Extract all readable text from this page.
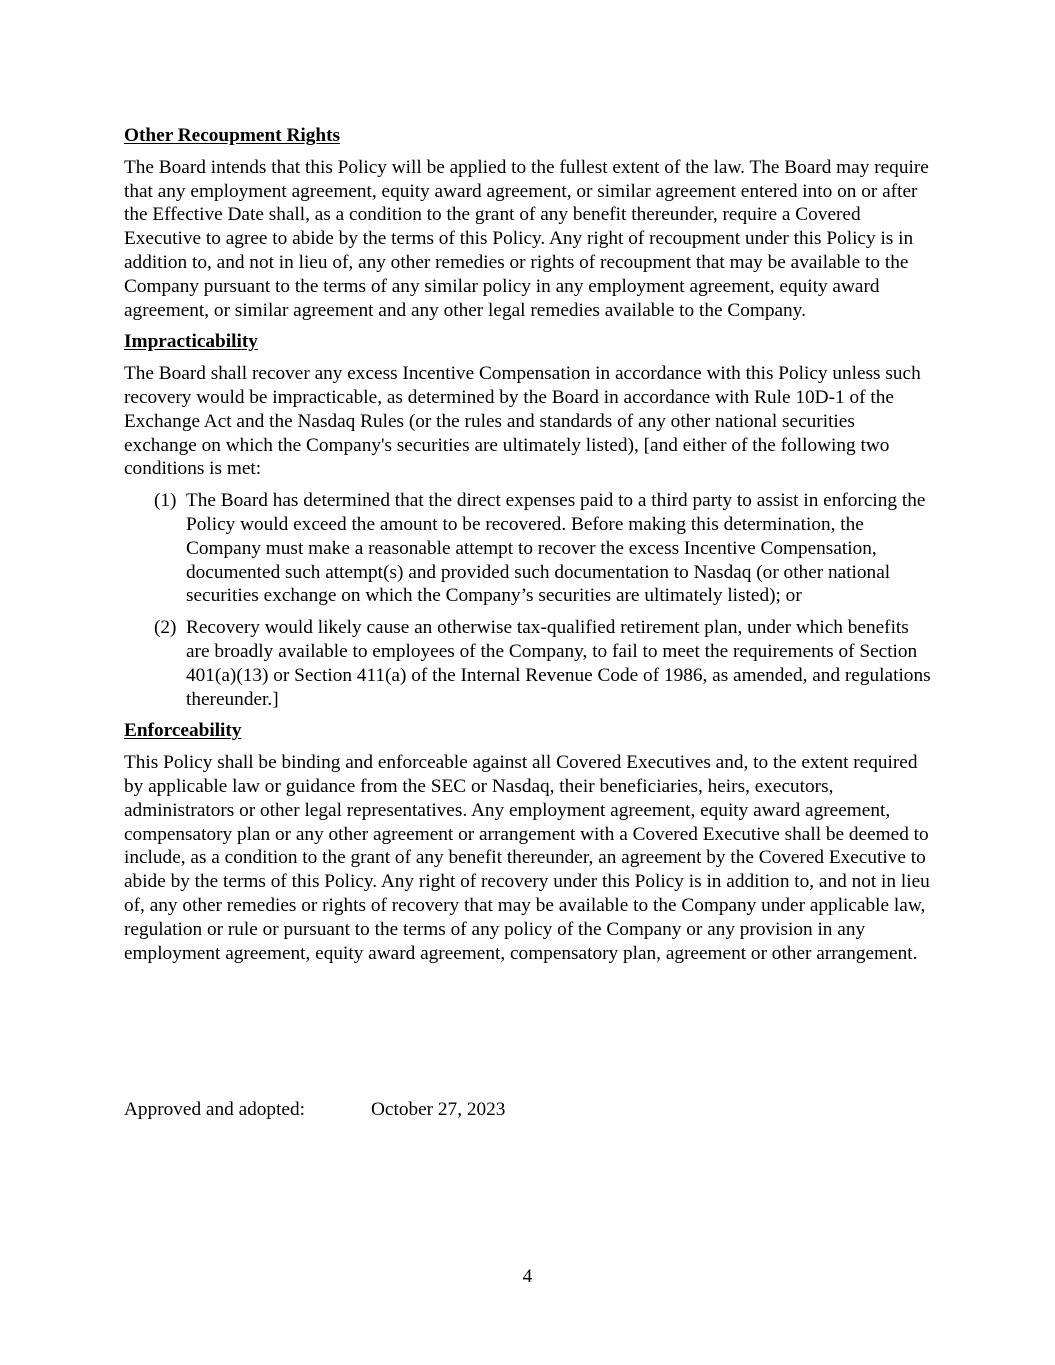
Other Recoupment Rights
The Board intends that this Policy will be applied to the fullest extent of the law. The Board may require that any employment agreement, equity award agreement, or similar agreement entered into on or after the Effective Date shall, as a condition to the grant of any benefit thereunder, require a Covered Executive to agree to abide by the terms of this Policy. Any right of recoupment under this Policy is in addition to, and not in lieu of, any other remedies or rights of recoupment that may be available to the Company pursuant to the terms of any similar policy in any employment agreement, equity award agreement, or similar agreement and any other legal remedies available to the Company.
Impracticability
The Board shall recover any excess Incentive Compensation in accordance with this Policy unless such recovery would be impracticable, as determined by the Board in accordance with Rule 10D-1 of the Exchange Act and the Nasdaq Rules (or the rules and standards of any other national securities exchange on which the Company's securities are ultimately listed), [and either of the following two conditions is met:
(1) The Board has determined that the direct expenses paid to a third party to assist in enforcing the Policy would exceed the amount to be recovered. Before making this determination, the Company must make a reasonable attempt to recover the excess Incentive Compensation, documented such attempt(s) and provided such documentation to Nasdaq (or other national securities exchange on which the Company’s securities are ultimately listed); or
(2) Recovery would likely cause an otherwise tax-qualified retirement plan, under which benefits are broadly available to employees of the Company, to fail to meet the requirements of Section 401(a)(13) or Section 411(a) of the Internal Revenue Code of 1986, as amended, and regulations thereunder.]
Enforceability
This Policy shall be binding and enforceable against all Covered Executives and, to the extent required by applicable law or guidance from the SEC or Nasdaq, their beneficiaries, heirs, executors, administrators or other legal representatives. Any employment agreement, equity award agreement, compensatory plan or any other agreement or arrangement with a Covered Executive shall be deemed to include, as a condition to the grant of any benefit thereunder, an agreement by the Covered Executive to abide by the terms of this Policy. Any right of recovery under this Policy is in addition to, and not in lieu of, any other remedies or rights of recovery that may be available to the Company under applicable law, regulation or rule or pursuant to the terms of any policy of the Company or any provision in any employment agreement, equity award agreement, compensatory plan, agreement or other arrangement.
Approved and adopted:	October 27, 2023
4
